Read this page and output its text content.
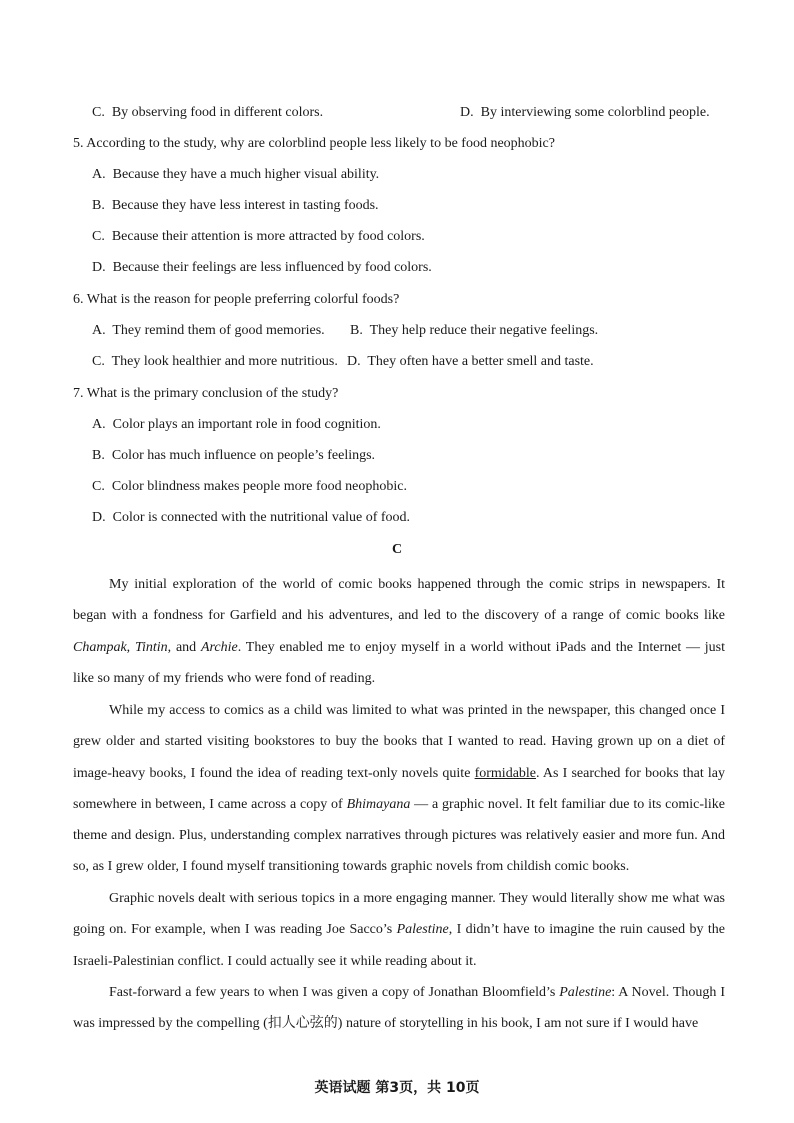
C. By observing food in different colors.	D. By interviewing some colorblind people.
5. According to the study, why are colorblind people less likely to be food neophobic?
A. Because they have a much higher visual ability.
B. Because they have less interest in tasting foods.
C. Because their attention is more attracted by food colors.
D. Because their feelings are less influenced by food colors.
6. What is the reason for people preferring colorful foods?
A. They remind them of good memories. B. They help reduce their negative feelings.
C. They look healthier and more nutritious. D. They often have a better smell and taste.
7. What is the primary conclusion of the study?
A. Color plays an important role in food cognition.
B. Color has much influence on people’s feelings.
C. Color blindness makes people more food neophobic.
D. Color is connected with the nutritional value of food.
C
My initial exploration of the world of comic books happened through the comic strips in newspapers. It began with a fondness for Garfield and his adventures, and led to the discovery of a range of comic books like Champak, Tintin, and Archie. They enabled me to enjoy myself in a world without iPads and the Internet — just like so many of my friends who were fond of reading.
While my access to comics as a child was limited to what was printed in the newspaper, this changed once I grew older and started visiting bookstores to buy the books that I wanted to read. Having grown up on a diet of image-heavy books, I found the idea of reading text-only novels quite formidable. As I searched for books that lay somewhere in between, I came across a copy of Bhimayana — a graphic novel. It felt familiar due to its comic-like theme and design. Plus, understanding complex narratives through pictures was relatively easier and more fun. And so, as I grew older, I found myself transitioning towards graphic novels from childish comic books.
Graphic novels dealt with serious topics in a more engaging manner. They would literally show me what was going on. For example, when I was reading Joe Sacco’s Palestine, I didn’t have to imagine the ruin caused by the Israeli-Palestinian conflict. I could actually see it while reading about it.
Fast-forward a few years to when I was given a copy of Jonathan Bloomfield’s Palestine: A Novel. Though I was impressed by the compelling (扣人心弦的) nature of storytelling in his book, I am not sure if I would have
英语试题 第3页，共 10页
